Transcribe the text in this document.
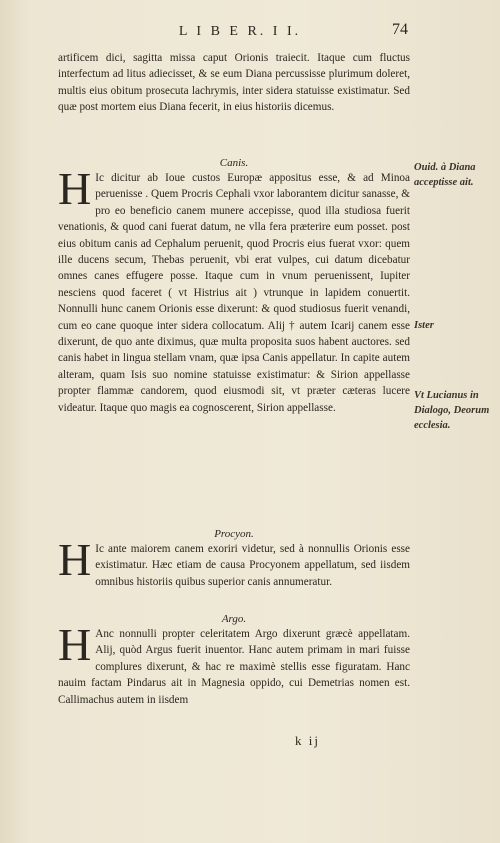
L I B E R. I I.	74

artificem dici, sagitta missa caput Orionis traiecit. Itaque cum fluctus interfectum ad litus adiecisset, & se eum Diana percussisse plurimum doleret, multis eius obitum prosecuta lachrymis, inter sidera statuisse existimatur. Sed quæ post mortem eius Diana fecerit, in eius historiis dicemus.

Canis.
H Ic dicitur ab Ioue custos Europæ appositus esse, & ad Minoa peruenisse . Quem Procris Cephali vxor laborantem dicitur sanasse, & pro eo beneficio canem munere accepisse, quod illa studiosa fuerit venationis, & quod cani fuerat datum, ne vlla fera præterire eum posset. post eius obitum canis ad Cephalum peruenit, quod Procris eius fuerat vxor: quem ille ducens secum, Thebas peruenit, vbi erat vulpes, cui datum dicebatur omnes canes effugere posse. Itaque cum in vnum peruenissent, Iupiter nesciens quod faceret ( vt Histrius ait ) vtrunque in lapidem conuertit. Nonnulli hunc canem Orionis esse dixerunt: & quod studiosus fuerit venandi, cum eo cane quoque inter sidera collocatum. Alij † autem Icarij canem esse dixerunt, de quo ante diximus, quæ multa proposita suos habent auctores. sed canis habet in lingua stellam vnam, quæ ipsa Canis appellatur. In capite autem alteram, quam Isis suo nomine statuisse existimatur: & Sirion appellasse propter flammæ candorem, quod eiusmodi sit, vt præter cæteras lucere videatur. Itaque quo magis ea cognoscerent, Sirion appellasse.

Procyon.
H Ic ante maiorem canem exoriri videtur, sed à nonnullis Orionis esse existimatur. Hæc etiam de causa Procyonem appellatum, sed iisdem omnibus historiis quibus superior canis annumeratur.

Argo.
H Anc nonnulli propter celeritatem Argo dixerunt græcè appellatam. Alij, quòd Argus fuerit inuentor. Hanc autem primam in mari fuisse complures dixerunt, & hac re maximè stellis esse figuratam. Hanc nauim factam Pindarus ait in Magnesia oppido, cui Demetrias nomen est. Callimachus autem in iisdem

k ij
Ouid. à Diana acceptisse ait.
Ister
Vt Lucianus in Dialogo, Deorum ecclesia.
